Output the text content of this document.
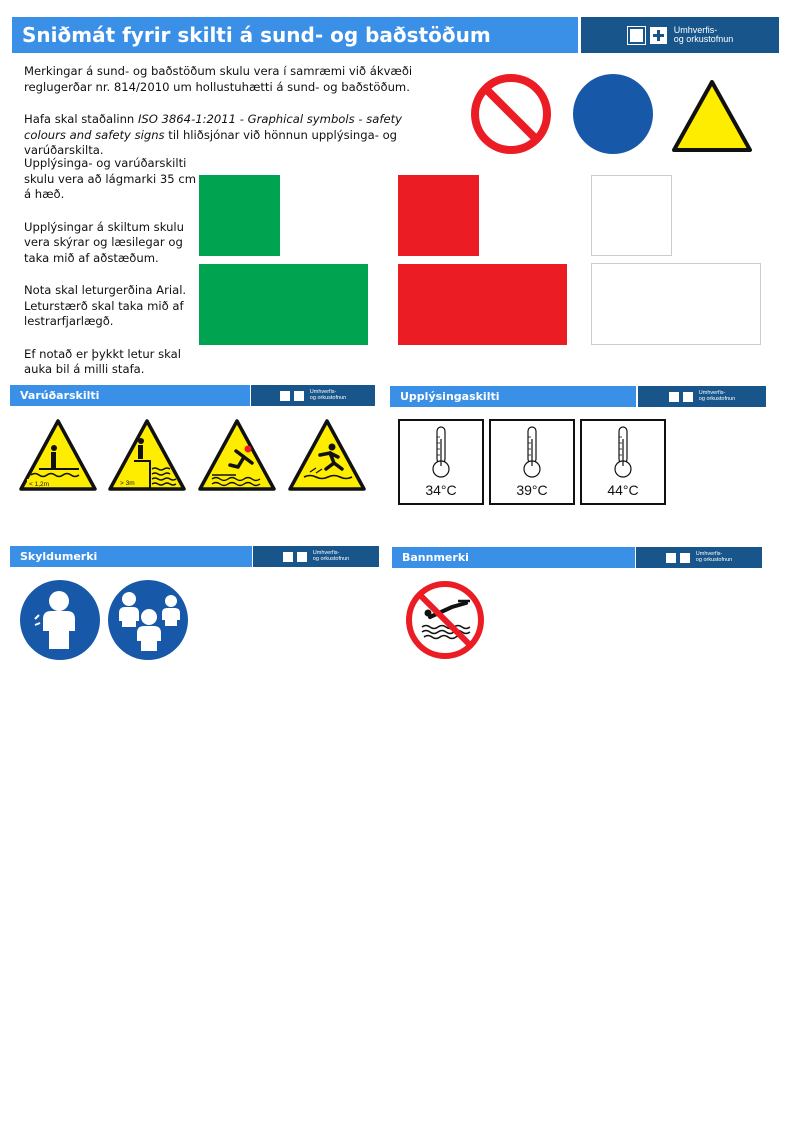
Sniðmát fyrir skilti á sund- og baðstöðum	Umhverfis-
og orkustofnun

Merkingar á sund- og baðstöðum skulu vera í samræmi við ákvæði reglugerðar nr. 814/2010 um hollustuhætti á sund- og baðstöðum.

Hafa skal staðalinn ISO 3864-1:2011 - Graphical symbols - safety colours and safety signs til hliðsjónar við hönnun upplýsinga- og varúðarskilta.

Upplýsinga- og varúðarskilti skulu vera að lágmarki 35 cm á hæð.

Upplýsingar á skiltum skulu vera skýrar og læsilegar og taka mið af aðstæðum.

Nota skal leturgerðina Arial. Leturstærð skal taka mið af lestrarfjarlægð.

Ef notað er þykkt letur skal auka bil á milli stafa.

Varúðarskilti	Umhverfis-
og orkustofnun	Upplýsingaskilti	Umhverfis-
og orkustofnun
Skyldumerki	Umhverfis-
og orkustofnun	Bannmerki	Umhverfis-
og orkustofnun
< 1,2m	> 3m	34°C	39°C	44°C
